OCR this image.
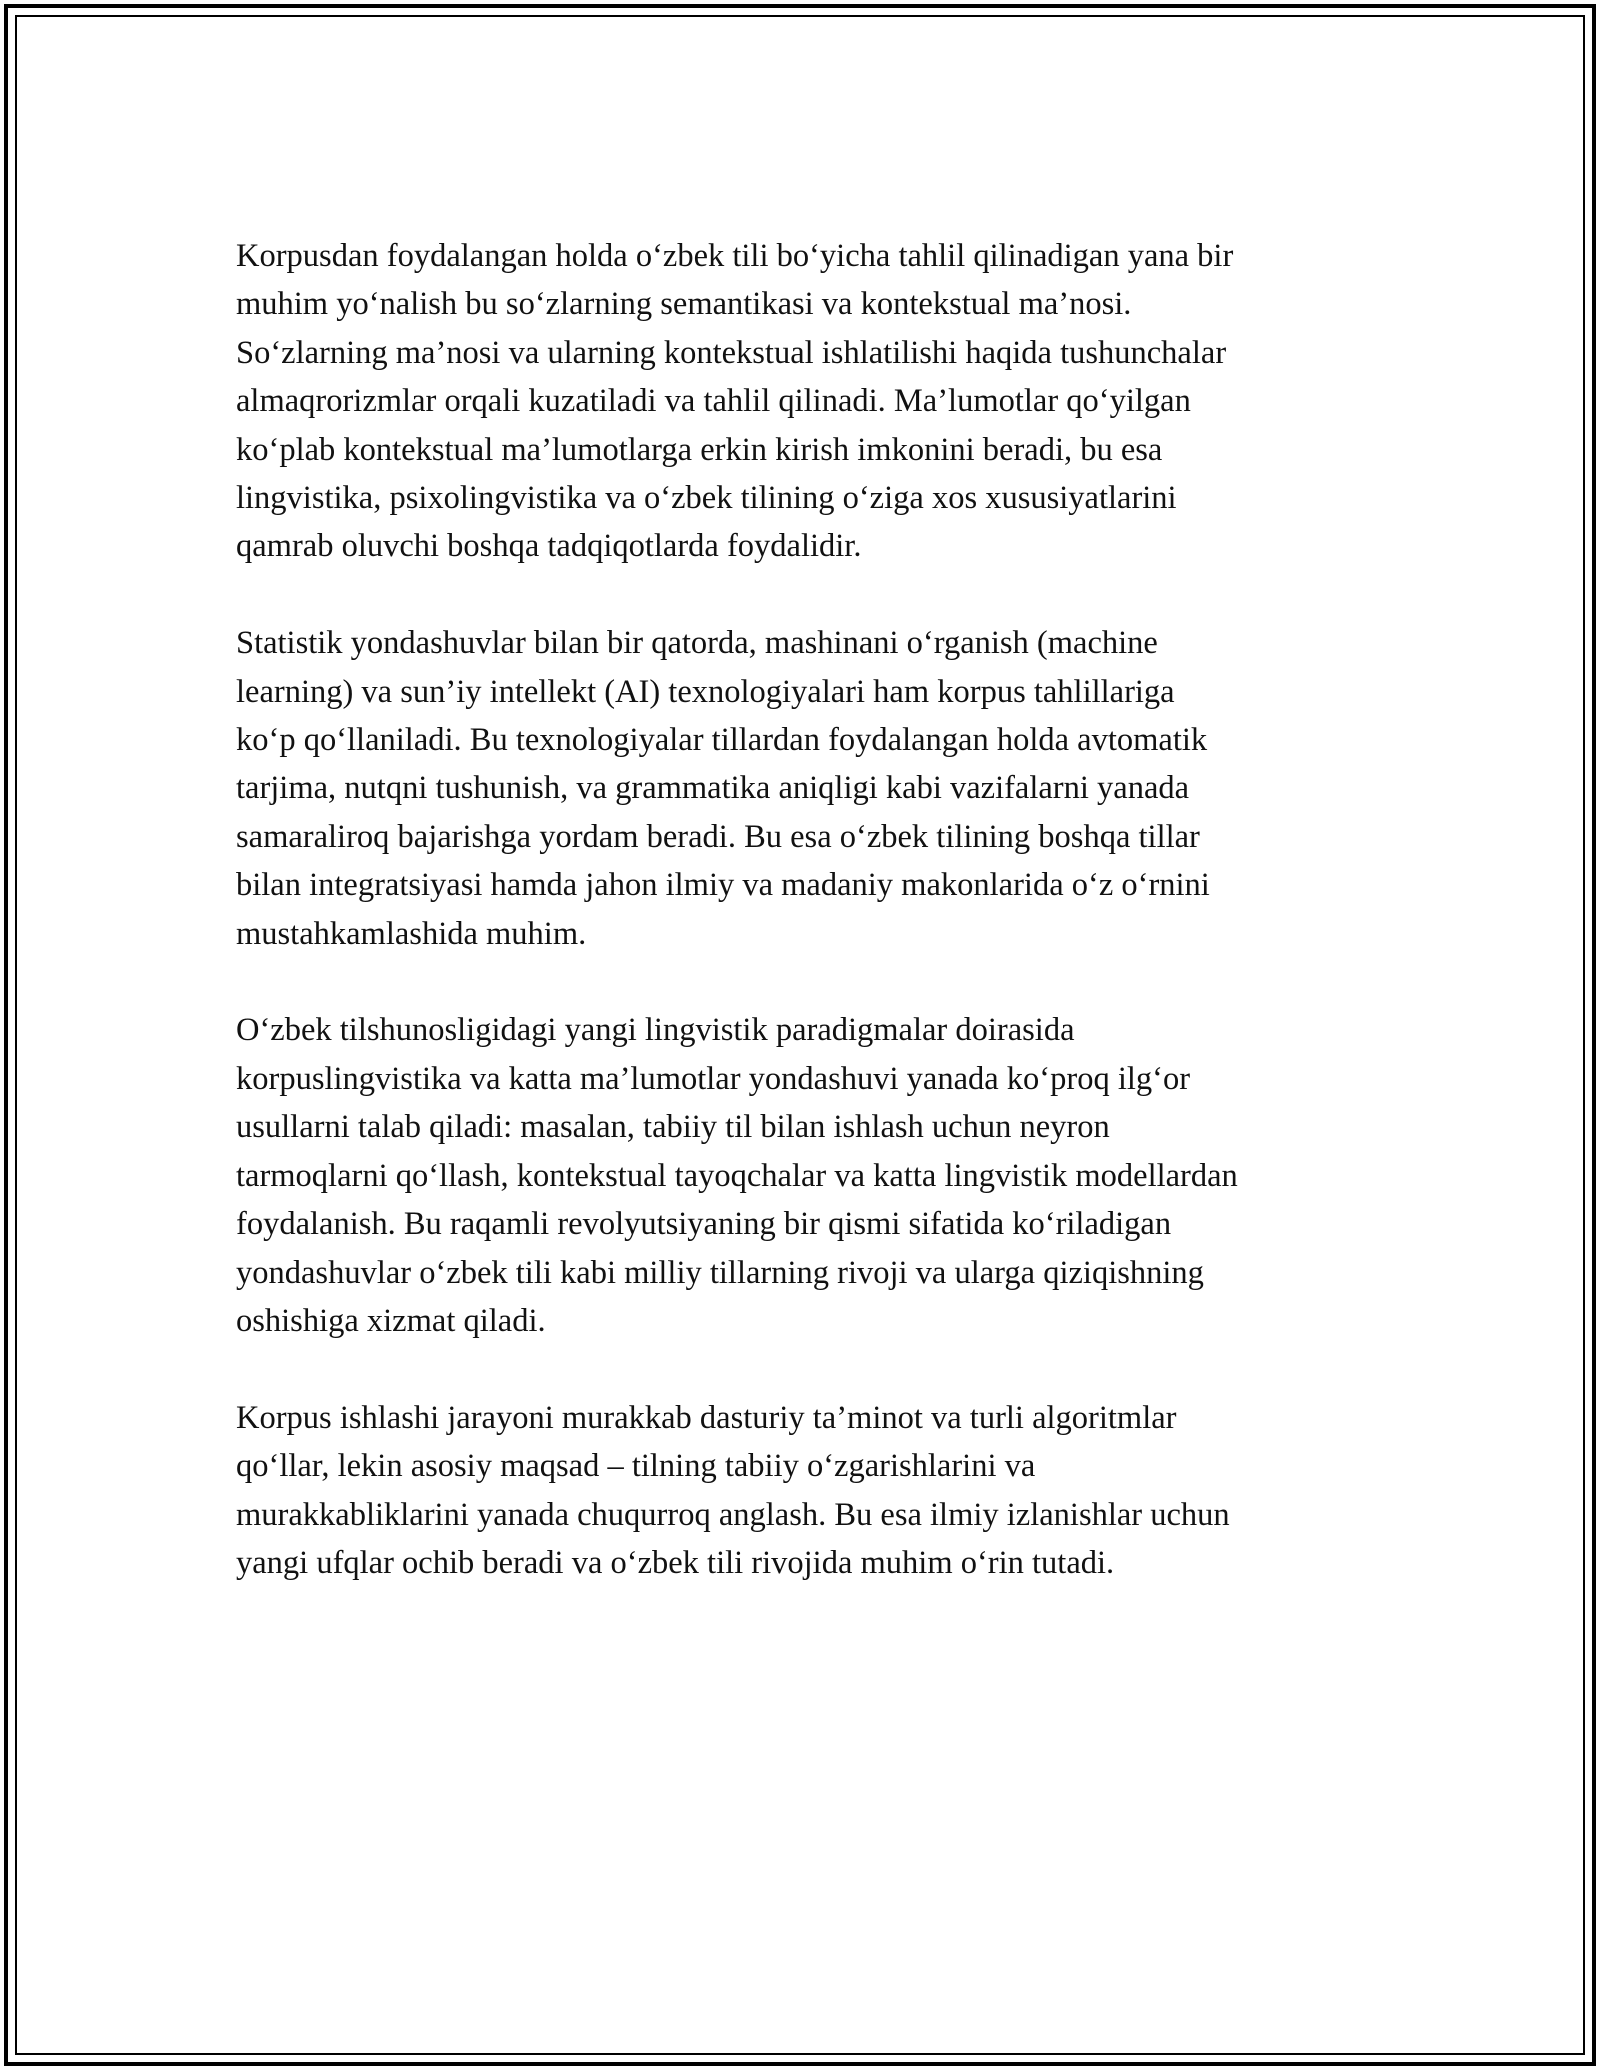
Korpusdan foydalangan holda o‘zbek tili bo‘yicha tahlil qilinadigan yana bir
muhim yo‘nalish bu so‘zlarning semantikasi va kontekstual ma’nosi.
So‘zlarning ma’nosi va ularning kontekstual ishlatilishi haqida tushunchalar
almaqrorizmlar orqali kuzatiladi va tahlil qilinadi. Ma’lumotlar qo‘yilgan
ko‘plab kontekstual ma’lumotlarga erkin kirish imkonini beradi, bu esa
lingvistika, psixolingvistika va o‘zbek tilining o‘ziga xos xususiyatlarini
qamrab oluvchi boshqa tadqiqotlarda foydalidir.

Statistik yondashuvlar bilan bir qatorda, mashinani o‘rganish (machine
learning) va sun’iy intellekt (AI) texnologiyalari ham korpus tahlillariga
ko‘p qo‘llaniladi. Bu texnologiyalar tillardan foydalangan holda avtomatik
tarjima, nutqni tushunish, va grammatika aniqligi kabi vazifalarni yanada
samaraliroq bajarishga yordam beradi. Bu esa o‘zbek tilining boshqa tillar
bilan integratsiyasi hamda jahon ilmiy va madaniy makonlarida o‘z o‘rnini
mustahkamlashida muhim.

O‘zbek tilshunosligidagi yangi lingvistik paradigmalar doirasida
korpuslingvistika va katta ma’lumotlar yondashuvi yanada ko‘proq ilg‘or
usullarni talab qiladi: masalan, tabiiy til bilan ishlash uchun neyron
tarmoqlarni qo‘llash, kontekstual tayoqchalar va katta lingvistik modellardan
foydalanish. Bu raqamli revolyutsiyaning bir qismi sifatida ko‘riladigan
yondashuvlar o‘zbek tili kabi milliy tillarning rivoji va ularga qiziqishning
oshishiga xizmat qiladi.

Korpus ishlashi jarayoni murakkab dasturiy ta’minot va turli algoritmlar
qo‘llar, lekin asosiy maqsad – tilning tabiiy o‘zgarishlarini va
murakkabliklarini yanada chuqurroq anglash. Bu esa ilmiy izlanishlar uchun
yangi ufqlar ochib beradi va o‘zbek tili rivojida muhim o‘rin tutadi.
